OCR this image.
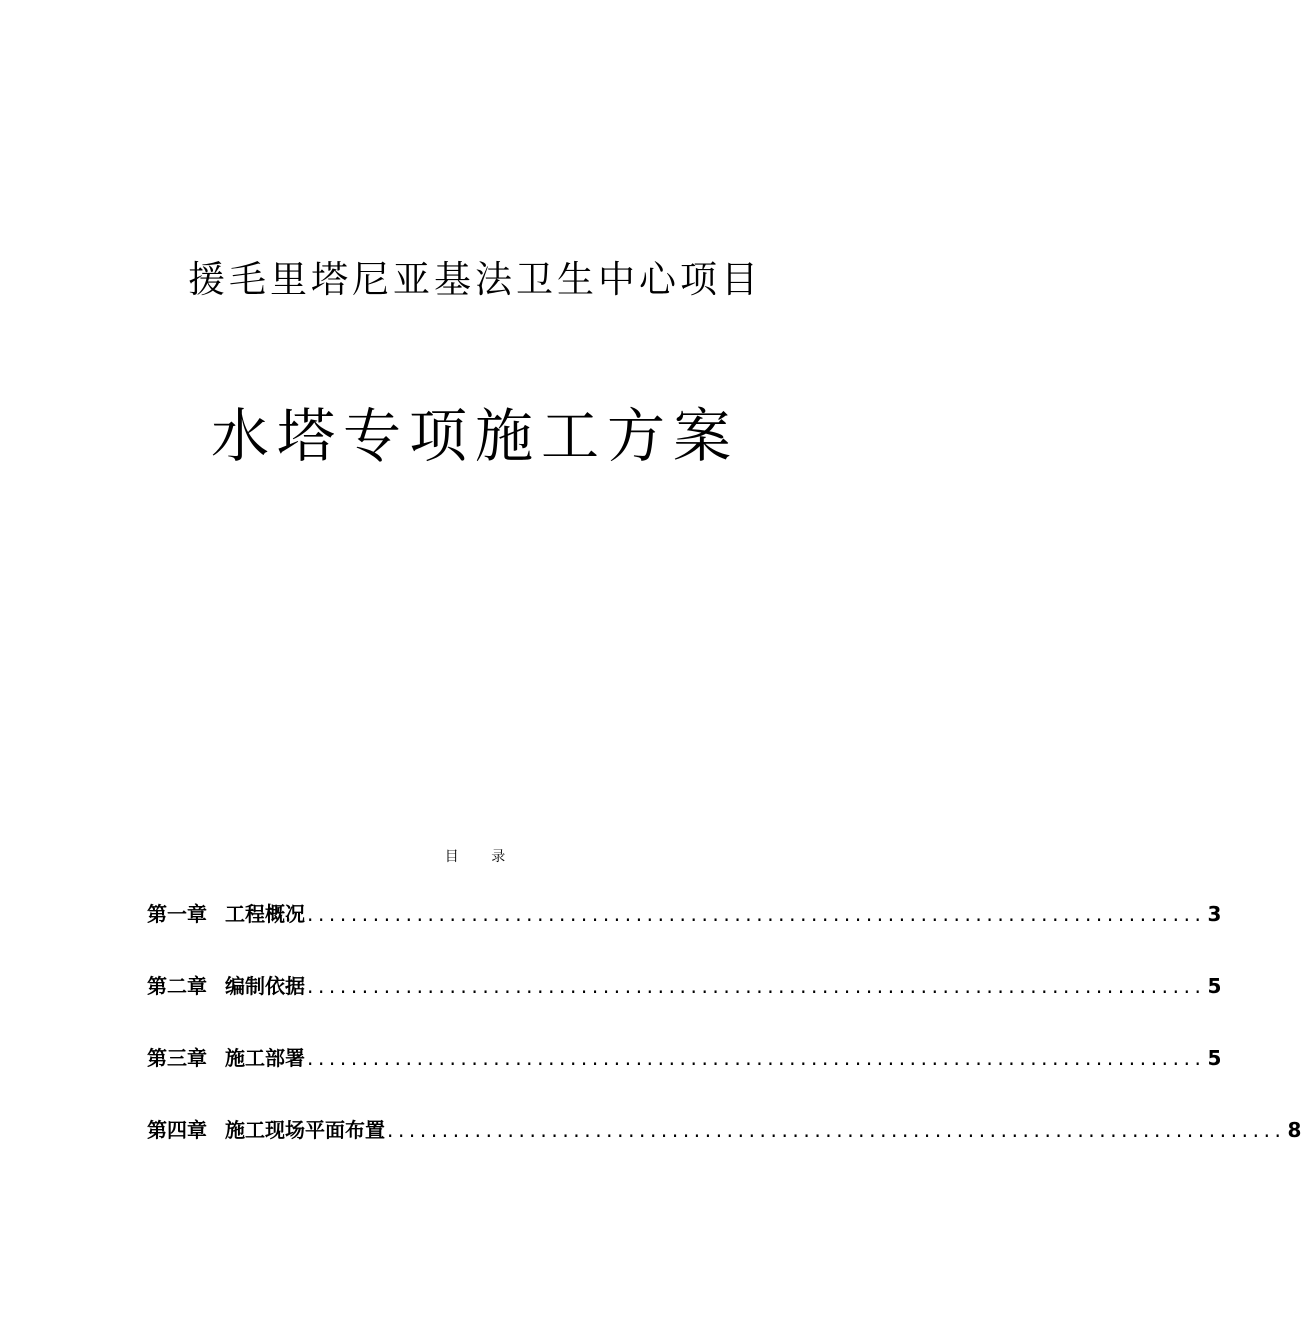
援毛里塔尼亚基法卫生中心项目
水塔专项施工方案
目 录
第一章 工程概况 .................................................................................. 3
第二章 编制依据 .................................................................................. 5
第三章 施工部署 .................................................................................. 5
第四章 施工现场平面布置 .................................................................................. 8
